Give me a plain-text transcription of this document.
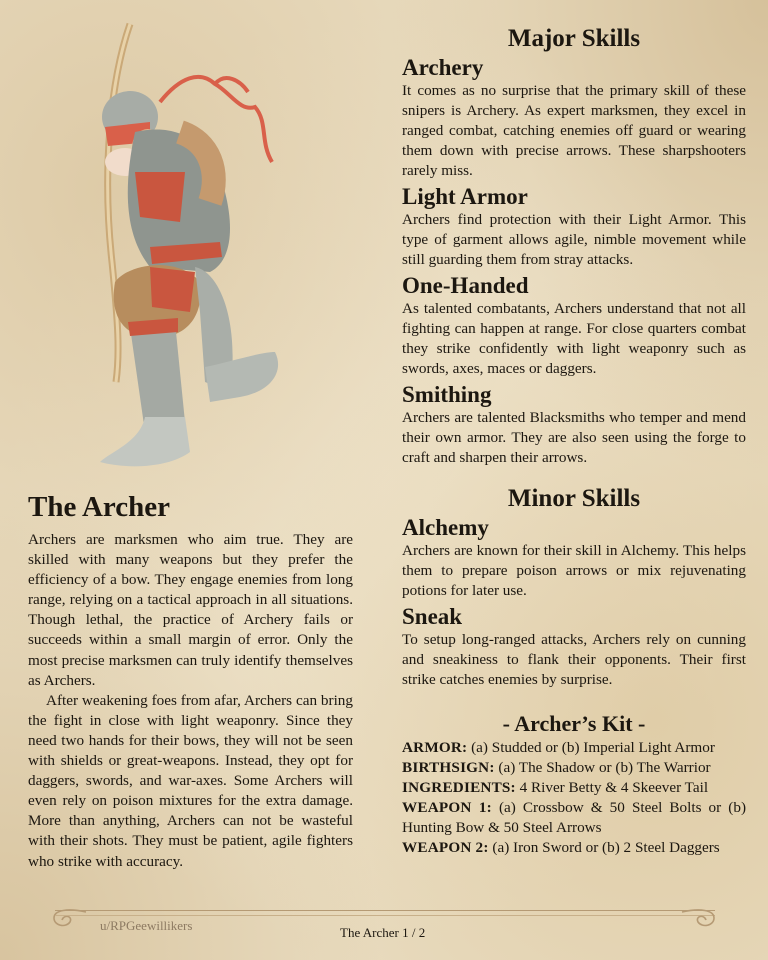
The Archer

Archers are marksmen who aim true. They are skilled with many weapons but they prefer the efficiency of a bow. They engage enemies from long range, relying on a tactical approach in all situations. Though lethal, the practice of Archery fails or succeeds within a small margin of error. Only the most precise marksmen can truly identify themselves as Archers.

After weakening foes from afar, Archers can bring the fight in close with light weaponry. Since they need two hands for their bows, they will not be seen with shields or great-weapons. Instead, they opt for daggers, swords, and war-axes. Some Archers will even rely on poison mixtures for the extra damage. More than anything, Archers can not be wasteful with their shots. They must be patient, agile fighters who strike with accuracy.

Major Skills
Archery

It comes as no surprise that the primary skill of these snipers is Archery. As expert marksmen, they excel in ranged combat, catching enemies off guard or wearing them down with precise arrows. These sharpshooters rarely miss.

Light Armor

Archers find protection with their Light Armor. This type of garment allows agile, nimble movement while still guarding them from stray attacks.

One-Handed

As talented combatants, Archers understand that not all fighting can happen at range. For close quarters combat they strike confidently with light weaponry such as swords, axes, maces or daggers.

Smithing

Archers are talented Blacksmiths who temper and mend their own armor. They are also seen using the forge to craft and sharpen their arrows.

Minor Skills
Alchemy

Archers are known for their skill in Alchemy. This helps them to prepare poison arrows or mix rejuvenating potions for later use.

Sneak

To setup long-ranged attacks, Archers rely on cunning and sneakiness to flank their opponents. Their first strike catches enemies by surprise.

- Archer’s Kit -

ARMOR: (a) Studded or (b) Imperial Light Armor

BIRTHSIGN: (a) The Shadow or (b) The Warrior

INGREDIENTS: 4 River Betty & 4 Skeever Tail

WEAPON 1: (a) Crossbow & 50 Steel Bolts or (b) Hunting Bow & 50 Steel Arrows

WEAPON 2: (a) Iron Sword or (b) 2 Steel Daggers

u/RPGeewillikers	The Archer 1 / 2
